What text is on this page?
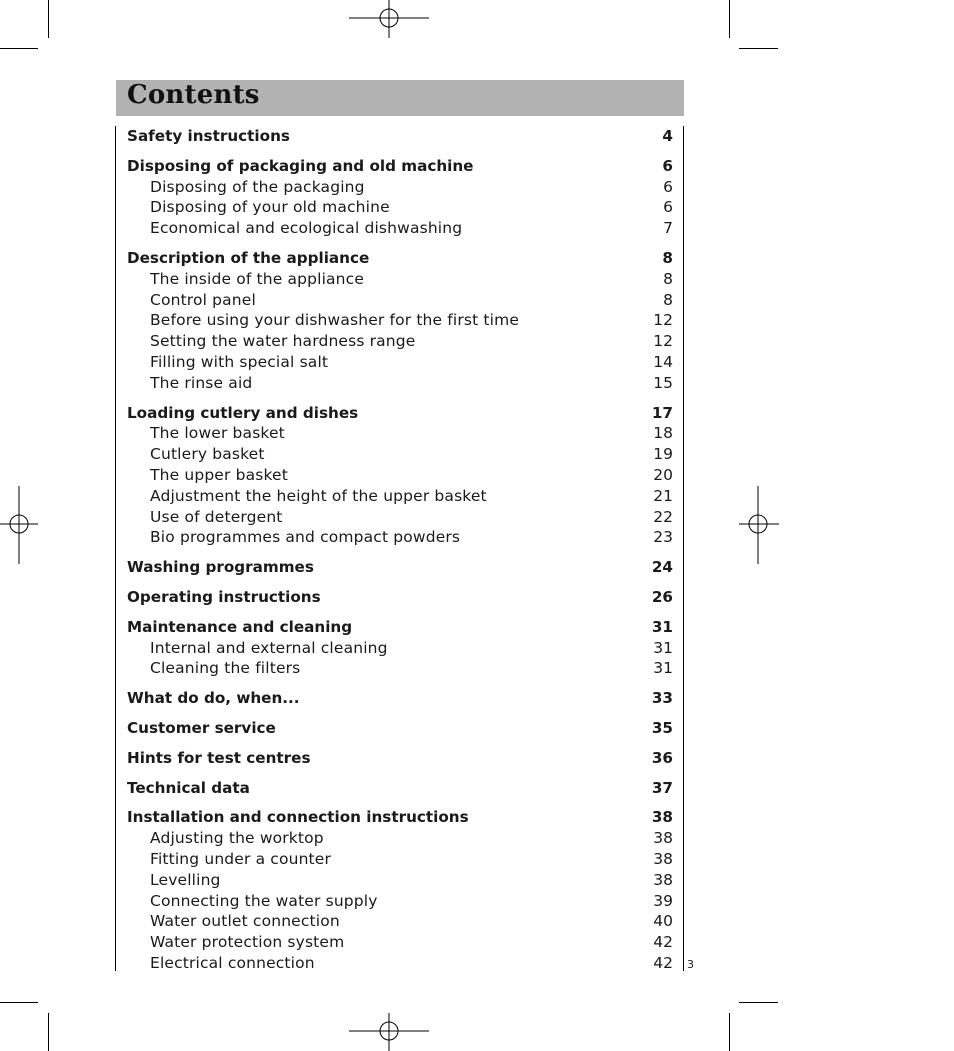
Contents
Safety instructions	4
Disposing of packaging and old machine	6
Disposing of the packaging	6
Disposing of your old machine	6
Economical and ecological dishwashing	7
Description of the appliance	8
The inside of the appliance	8
Control panel	8
Before using your dishwasher for the first time	12
Setting the water hardness range	12
Filling with special salt	14
The rinse aid	15
Loading cutlery and dishes	17
The lower basket	18
Cutlery basket	19
The upper basket	20
Adjustment the height of the upper basket	21
Use of detergent	22
Bio programmes and compact powders	23
Washing programmes	24
Operating instructions	26
Maintenance and cleaning	31
Internal and external cleaning	31
Cleaning the filters	31
What do do, when...	33
Customer service	35
Hints for test centres	36
Technical data	37
Installation and connection instructions	38
Adjusting the worktop	38
Fitting under a counter	38
Levelling	38
Connecting the water supply	39
Water outlet connection	40
Water protection system	42
Electrical connection	42 3
